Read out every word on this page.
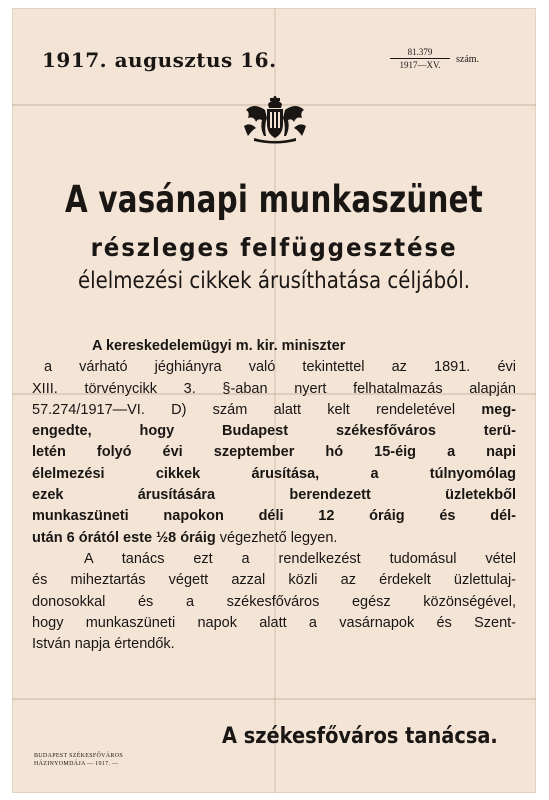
1917. augusztus 16.	81.379
1917—XV.	szám.
A vasánapi munkaszünet
részleges felfüggesztése
élelmezési cikkek árusíthatása céljából.
A kereskedelemügyi m. kir. miniszter
a várható jéghiányra való tekintettel az 1891. évi
XIII. törvénycikk 3. §-aban nyert felhatalmazás alapján
57.274/1917—VI. D) szám alatt kelt rendeletével meg-
engedte, hogy Budapest székesfőváros terü-
letén folyó évi szeptember hó 15-éig a napi
élelmezési cikkek árusítása, a túlnyomólag
ezek árusítására berendezett üzletekből
munkaszüneti napokon déli 12 óráig és dél-
után 6 órától este ½8 óráig végezhető legyen.
A tanács ezt a rendelkezést tudomásul vétel
és miheztartás végett azzal közli az érdekelt üzlettulaj-
donosokkal és a székesfőváros egész közönségével,
hogy munkaszüneti napok alatt a vasárnapok és Szent-
István napja értendők.
A székesfőváros tanácsa.
BUDAPEST SZÉKESFŐVÁROS
HÁZINYOMDÁJA — 1917. —
